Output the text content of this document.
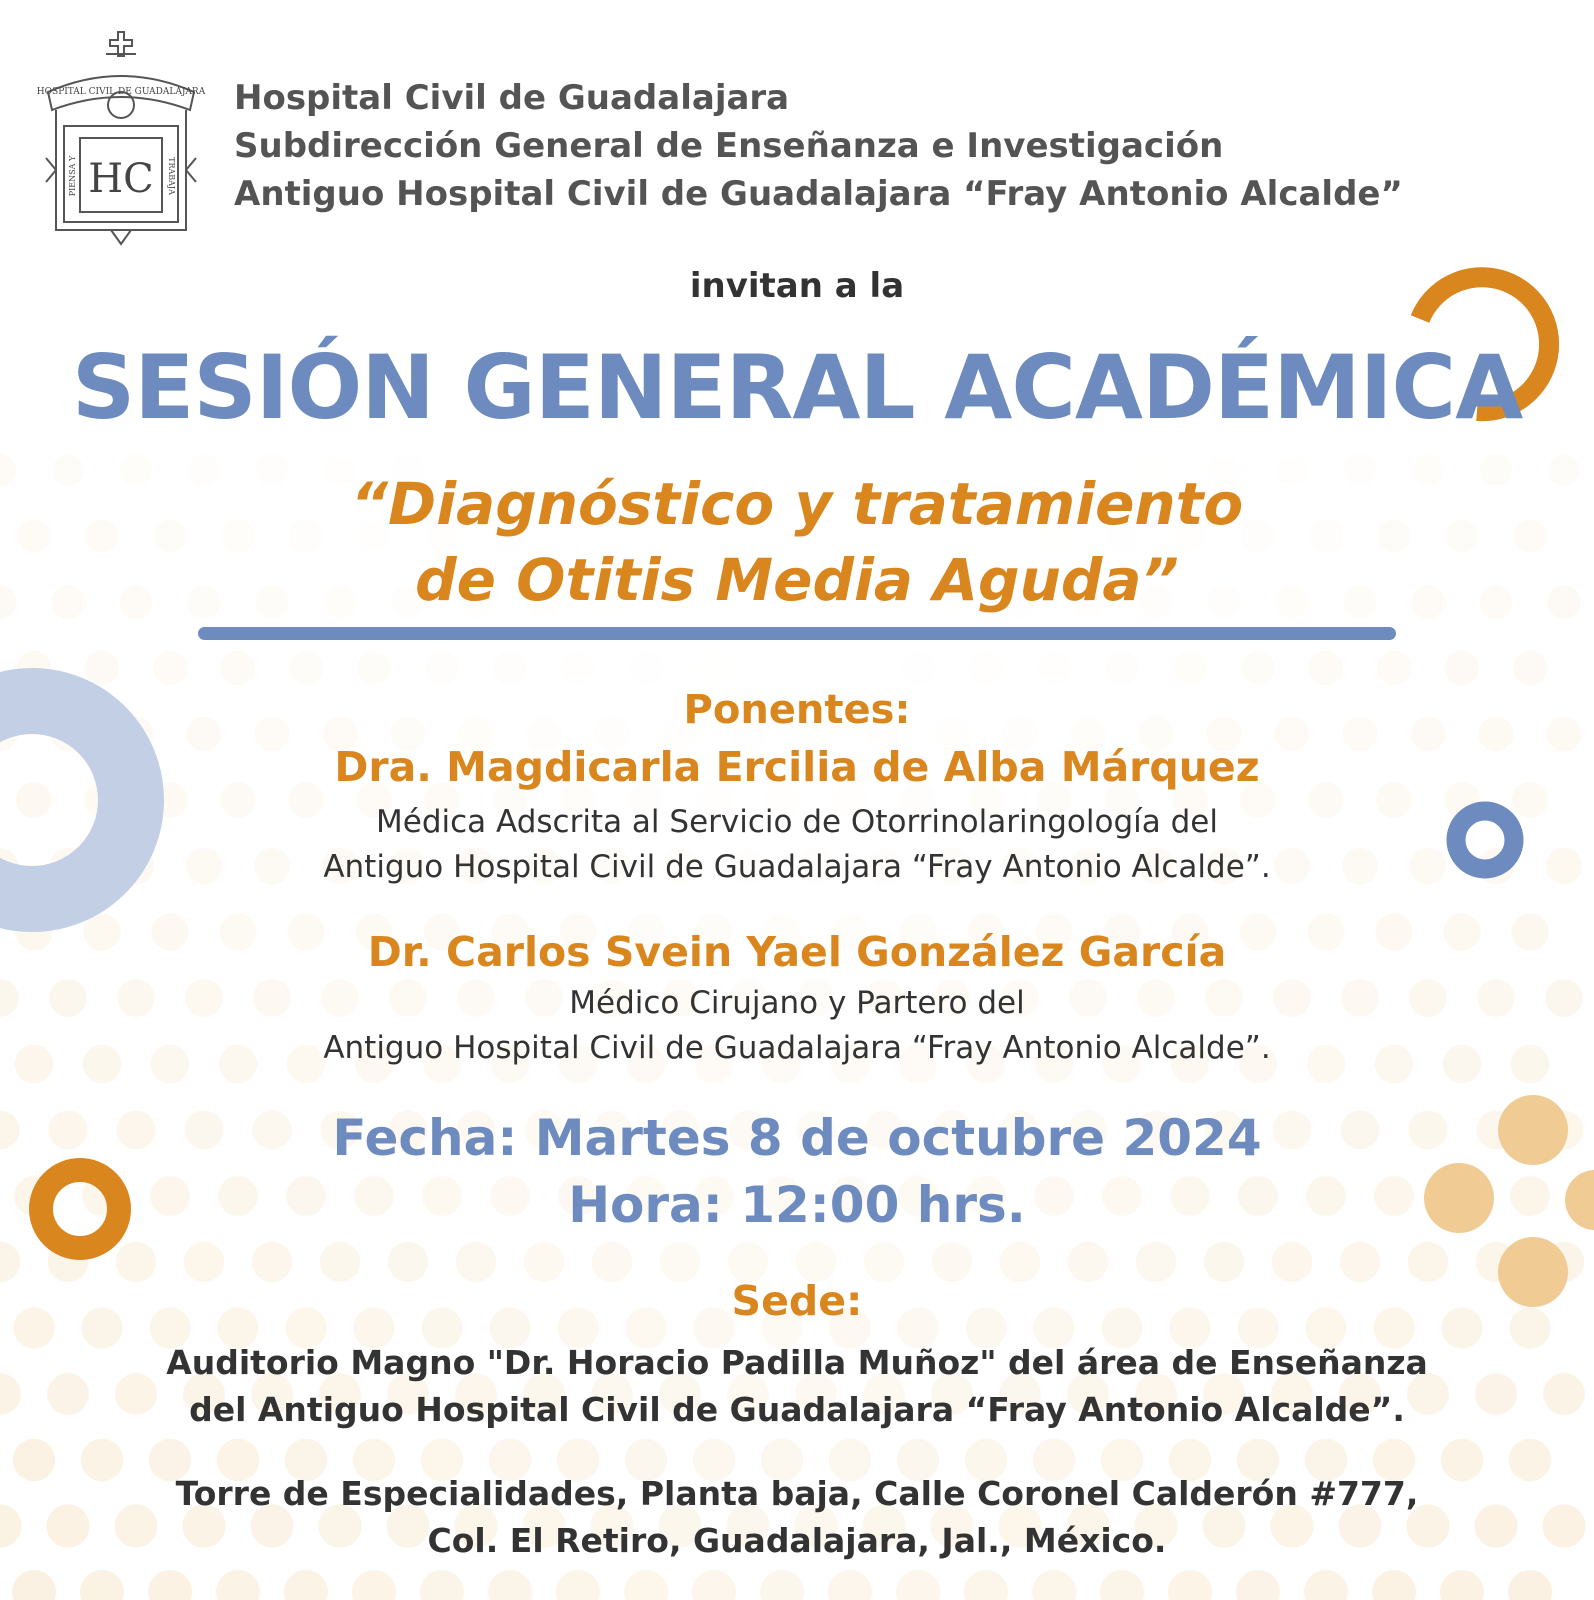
HOSPITAL CIVIL DE GUADALAJARA
HC
PIENSA Y	TRABAJA
Hospital Civil de Guadalajara
Subdirección General de Enseñanza e Investigación
Antiguo Hospital Civil de Guadalajara “Fray Antonio Alcalde”
invitan a la
SESIÓN GENERAL ACADÉMICA
“Diagnóstico y tratamiento
de Otitis Media Aguda”
Ponentes:
Dra. Magdicarla Ercilia de Alba Márquez
Médica Adscrita al Servicio de Otorrinolaringología del
Antiguo Hospital Civil de Guadalajara “Fray Antonio Alcalde”.
Dr. Carlos Svein Yael González García
Médico Cirujano y Partero del
Antiguo Hospital Civil de Guadalajara “Fray Antonio Alcalde”.
Fecha: Martes 8 de octubre 2024
Hora: 12:00 hrs.
Sede:
Auditorio Magno "Dr. Horacio Padilla Muñoz" del área de Enseñanza
del Antiguo Hospital Civil de Guadalajara “Fray Antonio Alcalde”.
Torre de Especialidades, Planta baja, Calle Coronel Calderón #777,
Col. El Retiro, Guadalajara, Jal., México.
